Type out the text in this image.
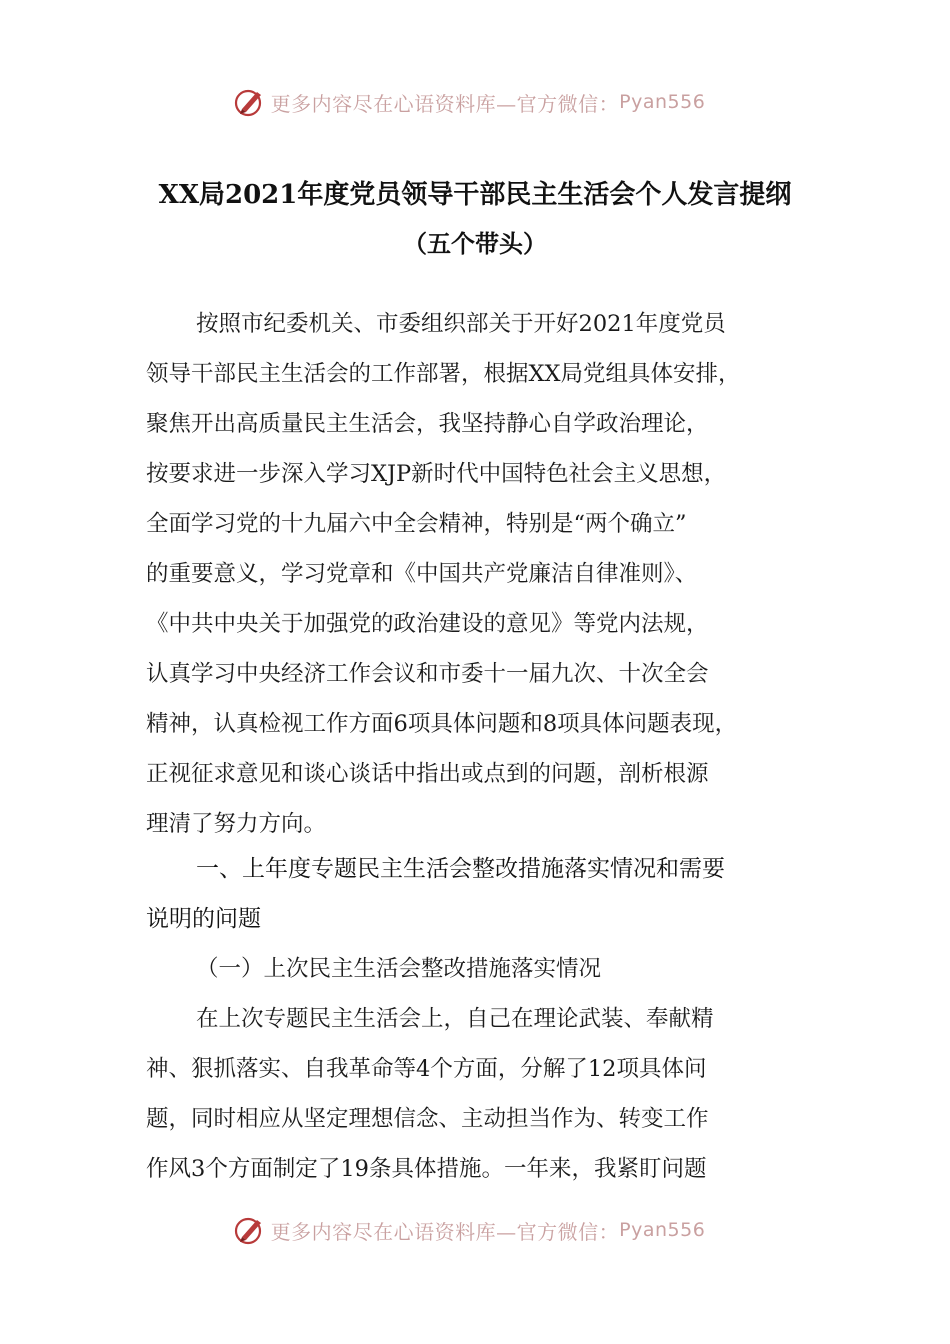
更多内容尽在心语资料库—官方微信： Pyan556
XX局2021年度党员领导干部民主生活会个人发言提纲
（五个带头）
按照市纪委机关、市委组织部关于开好2021年度党员
领导干部民主生活会的工作部署，根据XX局党组具体安排，
聚焦开出高质量民主生活会，我坚持静心自学政治理论，
按要求进一步深入学习XJP新时代中国特色社会主义思想，
全面学习党的十九届六中全会精神，特别是“两个确立”
的重要意义，学习党章和《中国共产党廉洁自律准则》、
《中共中央关于加强党的政治建设的意见》等党内法规，
认真学习中央经济工作会议和市委十一届九次、十次全会
精神，认真检视工作方面6项具体问题和8项具体问题表现，
正视征求意见和谈心谈话中指出或点到的问题，剖析根源
理清了努力方向。
一、上年度专题民主生活会整改措施落实情况和需要
说明的问题
（一）上次民主生活会整改措施落实情况
在上次专题民主生活会上，自己在理论武装、奉献精
神、狠抓落实、自我革命等4个方面，分解了12项具体问
题，同时相应从坚定理想信念、主动担当作为、转变工作
作风3个方面制定了19条具体措施。一年来，我紧盯问题
更多内容尽在心语资料库—官方微信： Pyan556
